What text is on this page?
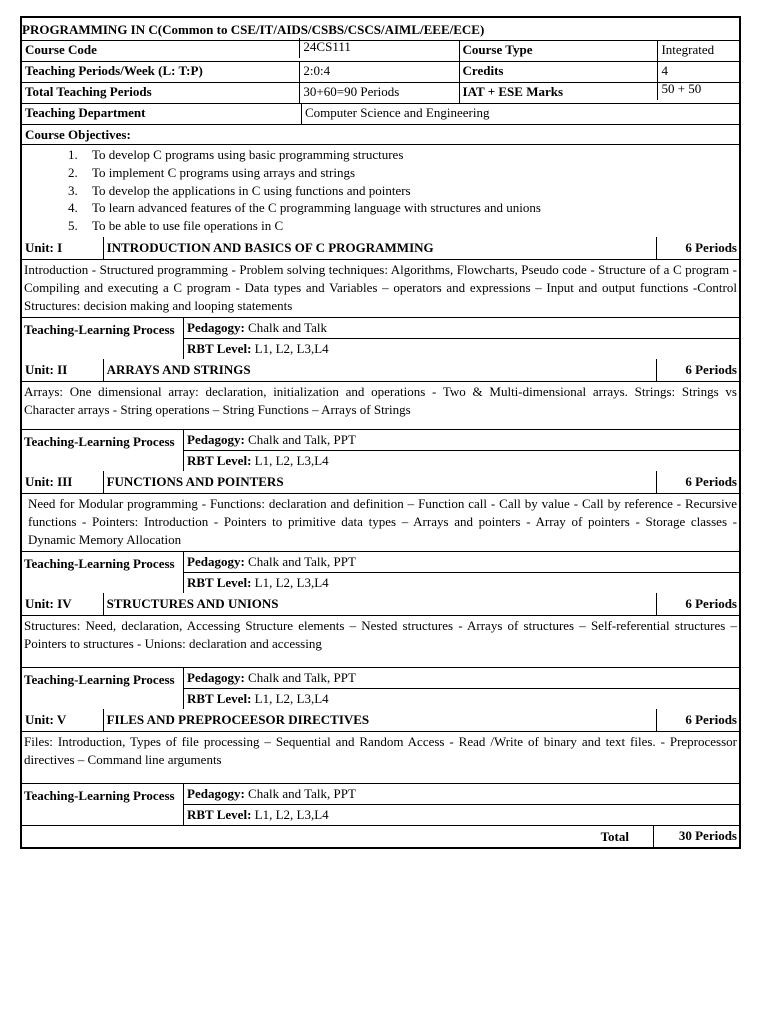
PROGRAMMING IN C (Common to CSE/IT/AIDS/CSBS/CSCS/AIML/EEE/ECE)
Course Code	24CS111	Course Type	Integrated
Teaching Periods/Week (L: T:P)	2:0:4	Credits	4
Total Teaching Periods	30+60=90 Periods	IAT + ESE Marks	50 + 50
Teaching Department	Computer Science and Engineering
Course Objectives:
1. To develop C programs using basic programming structures
2. To implement C programs using arrays and strings
3. To develop the applications in C using functions and pointers
4. To learn advanced features of the C programming language with structures and unions
5. To be able to use file operations in C
Unit: I	INTRODUCTION AND BASICS OF C PROGRAMMING	6 Periods
Introduction - Structured programming - Problem solving techniques: Algorithms, Flowcharts, Pseudo code - Structure of a C program - Compiling and executing a C program - Data types and Variables – operators and expressions – Input and output functions -Control Structures: decision making and looping statements
Teaching-Learning Process Pedagogy: Chalk and Talk
RBT Level: L1, L2, L3,L4
Unit: II	ARRAYS AND STRINGS	6 Periods
Arrays: One dimensional array: declaration, initialization and operations - Two & Multi-dimensional arrays. Strings: Strings vs Character arrays - String operations – String Functions – Arrays of Strings
Teaching-Learning Process Pedagogy: Chalk and Talk, PPT
RBT Level: L1, L2, L3,L4
Unit: III	FUNCTIONS AND POINTERS	6 Periods
Need for Modular programming - Functions: declaration and definition – Function call - Call by value - Call by reference - Recursive functions - Pointers: Introduction - Pointers to primitive data types – Arrays and pointers - Array of pointers - Storage classes - Dynamic Memory Allocation
Teaching-Learning Process Pedagogy: Chalk and Talk, PPT
RBT Level: L1, L2, L3,L4
Unit: IV	STRUCTURES AND UNIONS	6 Periods
Structures: Need, declaration, Accessing Structure elements – Nested structures - Arrays of structures – Self-referential structures – Pointers to structures - Unions: declaration and accessing
Teaching-Learning Process Pedagogy: Chalk and Talk, PPT
RBT Level: L1, L2, L3,L4
Unit: V	FILES AND PREPROCEESOR DIRECTIVES	6 Periods
Files: Introduction, Types of file processing – Sequential and Random Access - Read /Write of binary and text files. - Preprocessor directives – Command line arguments
Teaching-Learning Process Pedagogy: Chalk and Talk, PPT
RBT Level: L1, L2, L3,L4
Total	30 Periods
